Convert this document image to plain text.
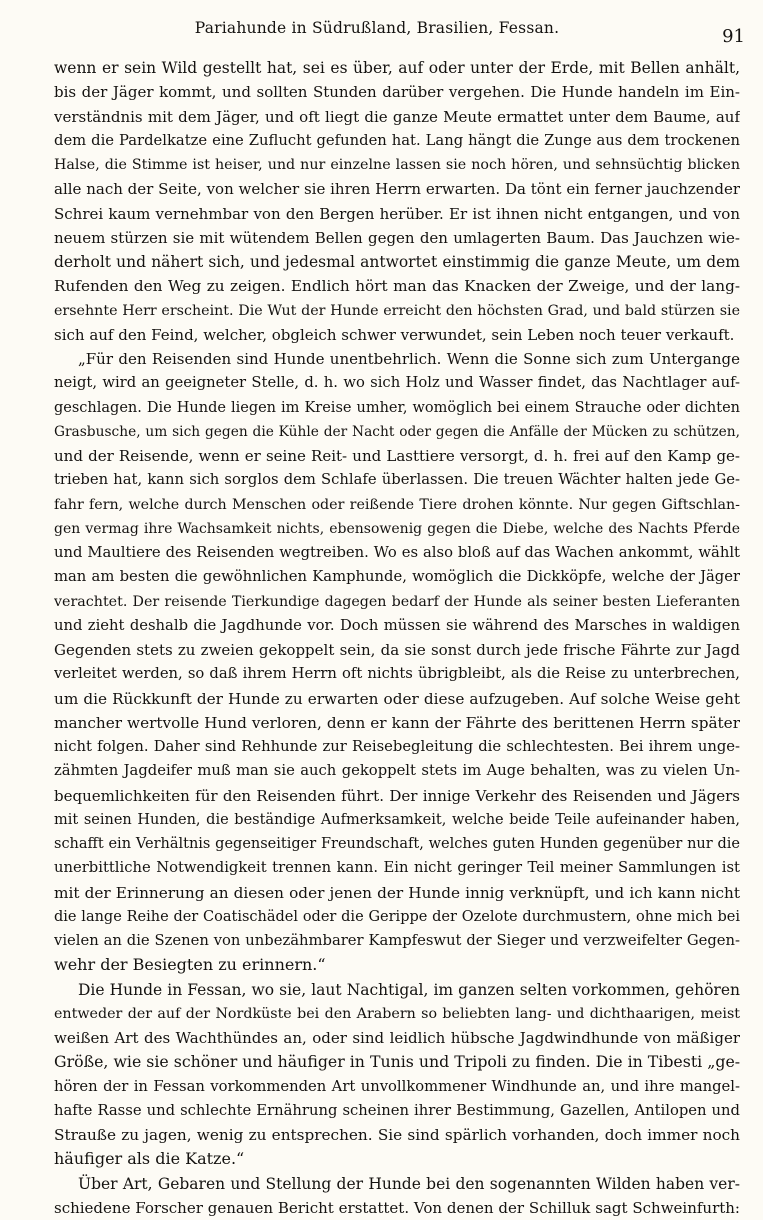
Pariahunde in Südrußland, Brasilien, Fessan.	91
wenn er sein Wild gestellt hat, sei es über, auf oder unter der Erde, mit Bellen anhält,
bis der Jäger kommt, und sollten Stunden darüber vergehen. Die Hunde handeln im Ein-
verständnis mit dem Jäger, und oft liegt die ganze Meute ermattet unter dem Baume, auf
dem die Pardelkatze eine Zuflucht gefunden hat. Lang hängt die Zunge aus dem trockenen
Halse, die Stimme ist heiser, und nur einzelne lassen sie noch hören, und sehnsüchtig blicken
alle nach der Seite, von welcher sie ihren Herrn erwarten. Da tönt ein ferner jauchzender
Schrei kaum vernehmbar von den Bergen herüber. Er ist ihnen nicht entgangen, und von
neuem stürzen sie mit wütendem Bellen gegen den umlagerten Baum. Das Jauchzen wie-
derholt und nähert sich, und jedesmal antwortet einstimmig die ganze Meute, um dem
Rufenden den Weg zu zeigen. Endlich hört man das Knacken der Zweige, und der lang-
ersehnte Herr erscheint. Die Wut der Hunde erreicht den höchsten Grad, und bald stürzen sie
sich auf den Feind, welcher, obgleich schwer verwundet, sein Leben noch teuer verkauft.
„Für den Reisenden sind Hunde unentbehrlich. Wenn die Sonne sich zum Untergange
neigt, wird an geeigneter Stelle, d. h. wo sich Holz und Wasser findet, das Nachtlager auf-
geschlagen. Die Hunde liegen im Kreise umher, womöglich bei einem Strauche oder dichten
Grasbusche, um sich gegen die Kühle der Nacht oder gegen die Anfälle der Mücken zu schützen,
und der Reisende, wenn er seine Reit- und Lasttiere versorgt, d. h. frei auf den Kamp ge-
trieben hat, kann sich sorglos dem Schlafe überlassen. Die treuen Wächter halten jede Ge-
fahr fern, welche durch Menschen oder reißende Tiere drohen könnte. Nur gegen Giftschlan-
gen vermag ihre Wachsamkeit nichts, ebensowenig gegen die Diebe, welche des Nachts Pferde
und Maultiere des Reisenden wegtreiben. Wo es also bloß auf das Wachen ankommt, wählt
man am besten die gewöhnlichen Kamphunde, womöglich die Dickköpfe, welche der Jäger
verachtet. Der reisende Tierkundige dagegen bedarf der Hunde als seiner besten Lieferanten
und zieht deshalb die Jagdhunde vor. Doch müssen sie während des Marsches in waldigen
Gegenden stets zu zweien gekoppelt sein, da sie sonst durch jede frische Fährte zur Jagd
verleitet werden, so daß ihrem Herrn oft nichts übrigbleibt, als die Reise zu unterbrechen,
um die Rückkunft der Hunde zu erwarten oder diese aufzugeben. Auf solche Weise geht
mancher wertvolle Hund verloren, denn er kann der Fährte des berittenen Herrn später
nicht folgen. Daher sind Rehhunde zur Reisebegleitung die schlechtesten. Bei ihrem unge-
zähmten Jagdeifer muß man sie auch gekoppelt stets im Auge behalten, was zu vielen Un-
bequemlichkeiten für den Reisenden führt. Der innige Verkehr des Reisenden und Jägers
mit seinen Hunden, die beständige Aufmerksamkeit, welche beide Teile aufeinander haben,
schafft ein Verhältnis gegenseitiger Freundschaft, welches guten Hunden gegenüber nur die
unerbittliche Notwendigkeit trennen kann. Ein nicht geringer Teil meiner Sammlungen ist
mit der Erinnerung an diesen oder jenen der Hunde innig verknüpft, und ich kann nicht
die lange Reihe der Coatischädel oder die Gerippe der Ozelote durchmustern, ohne mich bei
vielen an die Szenen von unbezähmbarer Kampfeswut der Sieger und verzweifelter Gegen-
wehr der Besiegten zu erinnern.“
Die Hunde in Fessan, wo sie, laut Nachtigal, im ganzen selten vorkommen, gehören
entweder der auf der Nordküste bei den Arabern so beliebten lang- und dichthaarigen, meist
weißen Art des Wachthündes an, oder sind leidlich hübsche Jagdwindhunde von mäßiger
Größe, wie sie schöner und häufiger in Tunis und Tripoli zu finden. Die in Tibesti „ge-
hören der in Fessan vorkommenden Art unvollkommener Windhunde an, und ihre mangel-
hafte Rasse und schlechte Ernährung scheinen ihrer Bestimmung, Gazellen, Antilopen und
Strauße zu jagen, wenig zu entsprechen. Sie sind spärlich vorhanden, doch immer noch
häufiger als die Katze.“
Über Art, Gebaren und Stellung der Hunde bei den sogenannten Wilden haben ver-
schiedene Forscher genauen Bericht erstattet. Von denen der Schilluk sagt Schweinfurth:
